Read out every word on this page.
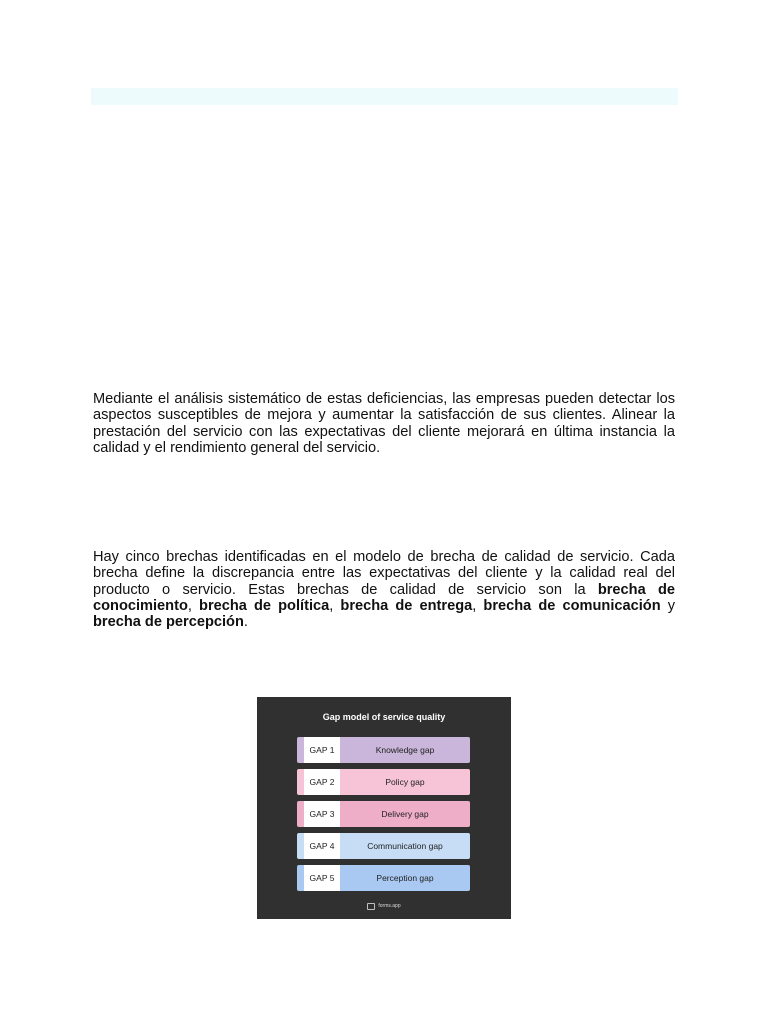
Mediante el análisis sistemático de estas deficiencias, las empresas pueden detectar los aspectos susceptibles de mejora y aumentar la satisfacción de sus clientes. Alinear la prestación del servicio con las expectativas del cliente mejorará en última instancia la calidad y el rendimiento general del servicio.

Hay cinco brechas identificadas en el modelo de brecha de calidad de servicio. Cada brecha define la discrepancia entre las expectativas del cliente y la calidad real del producto o servicio. Estas brechas de calidad de servicio son la brecha de conocimiento, brecha de política, brecha de entrega, brecha de comunicación y brecha de percepción.

Gap model of service quality
GAP 1	Knowledge gap
GAP 2	Policy gap
GAP 3	Delivery gap
GAP 4	Communication gap
GAP 5	Perception gap
forms.app
